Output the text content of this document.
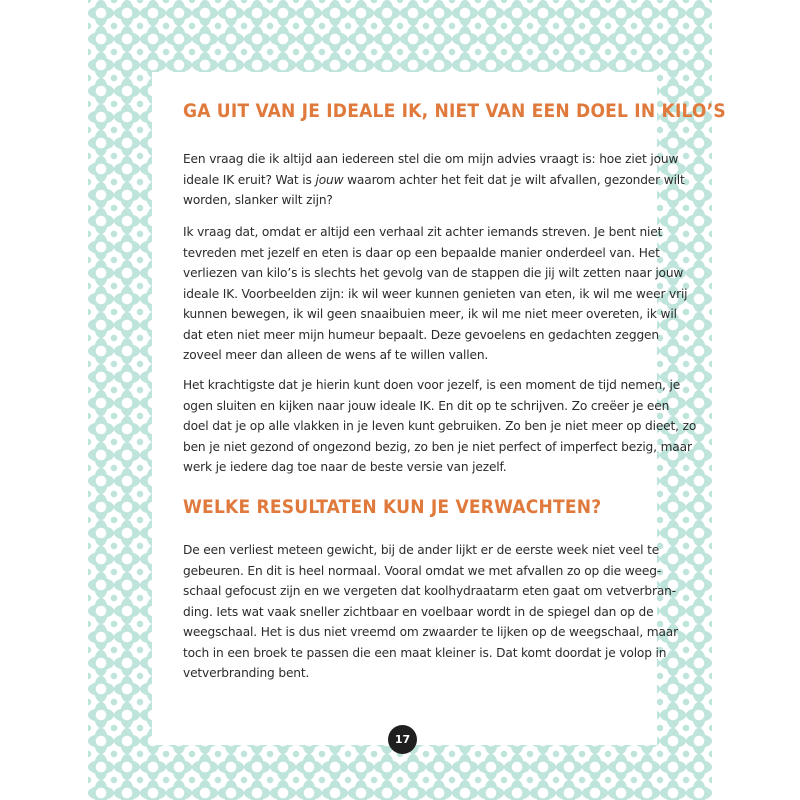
GA UIT VAN JE IDEALE IK, NIET VAN EEN DOEL IN KILO’S

Een vraag die ik altijd aan iedereen stel die om mijn advies vraagt is: hoe ziet jouw
ideale IK eruit? Wat is jouw waarom achter het feit dat je wilt afvallen, gezonder wilt
worden, slanker wilt zijn?

Ik vraag dat, omdat er altijd een verhaal zit achter iemands streven. Je bent niet
tevreden met jezelf en eten is daar op een bepaalde manier onderdeel van. Het
verliezen van kilo’s is slechts het gevolg van de stappen die jij wilt zetten naar jouw
ideale IK. Voorbeelden zijn: ik wil weer kunnen genieten van eten, ik wil me weer vrij
kunnen bewegen, ik wil geen snaaibuien meer, ik wil me niet meer overeten, ik wil
dat eten niet meer mijn humeur bepaalt. Deze gevoelens en gedachten zeggen
zoveel meer dan alleen de wens af te willen vallen.

Het krachtigste dat je hierin kunt doen voor jezelf, is een moment de tijd nemen, je
ogen sluiten en kijken naar jouw ideale IK. En dit op te schrijven. Zo creëer je een
doel dat je op alle vlakken in je leven kunt gebruiken. Zo ben je niet meer op dieet, zo
ben je niet gezond of ongezond bezig, zo ben je niet perfect of imperfect bezig, maar
werk je iedere dag toe naar de beste versie van jezelf.

WELKE RESULTATEN KUN JE VERWACHTEN?

De een verliest meteen gewicht, bij de ander lijkt er de eerste week niet veel te
gebeuren. En dit is heel normaal. Vooral omdat we met afvallen zo op die weeg-
schaal gefocust zijn en we vergeten dat koolhydraatarm eten gaat om vetverbran-
ding. Iets wat vaak sneller zichtbaar en voelbaar wordt in de spiegel dan op de
weegschaal. Het is dus niet vreemd om zwaarder te lijken op de weegschaal, maar
toch in een broek te passen die een maat kleiner is. Dat komt doordat je volop in
vetverbranding bent.

17
